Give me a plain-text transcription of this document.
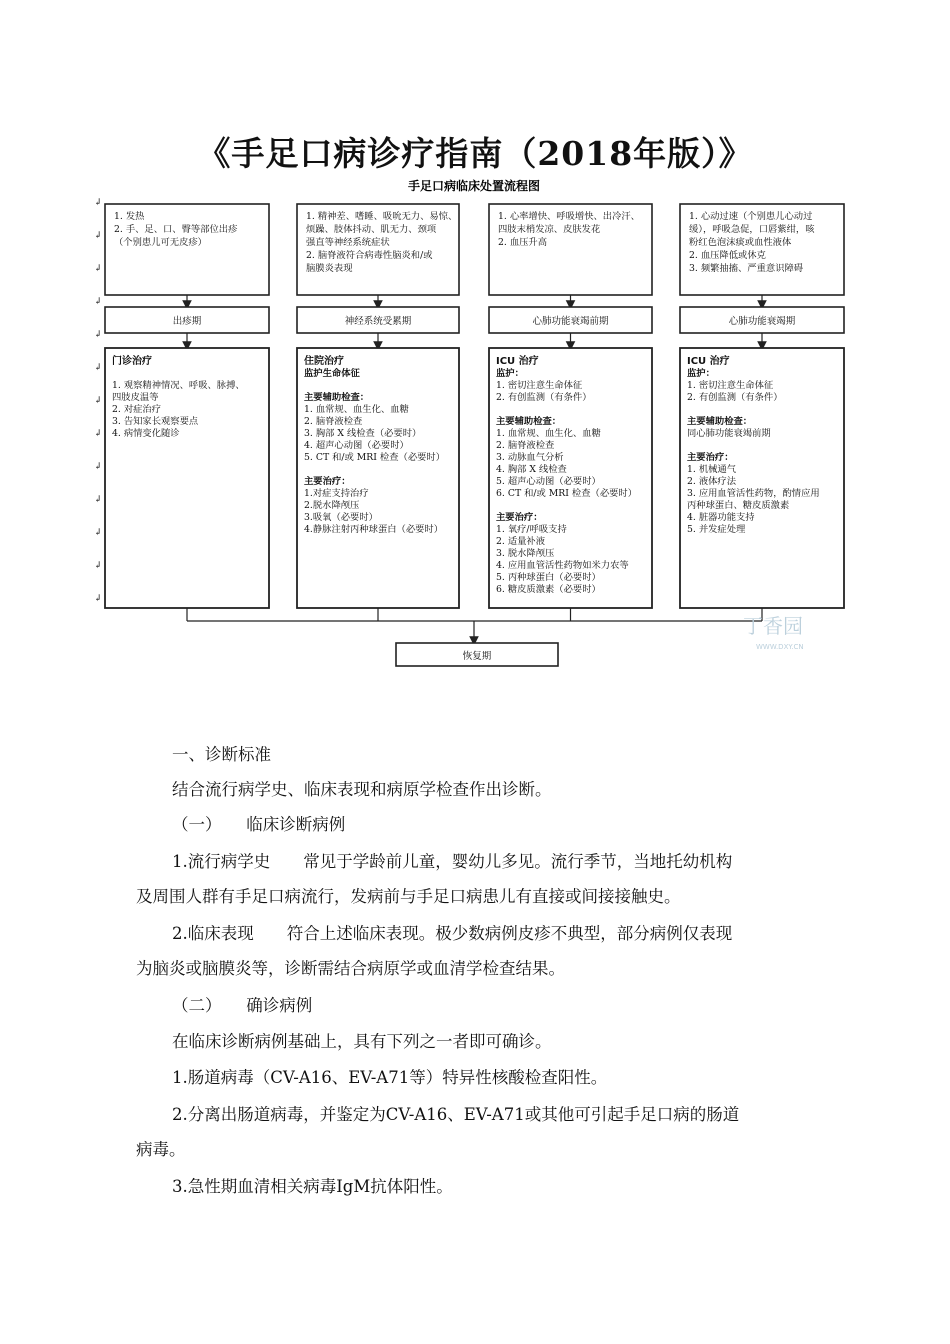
《手足口病诊疗指南（2018年版）》
手足口病临床处置流程图
1. 发热
2. 手、足、口、臀等部位出疹
（个别患儿可无皮疹）
出疹期
门诊治疗
1. 观察精神情况、呼吸、脉搏、
四肢皮温等
2. 对症治疗
3. 告知家长观察要点
4. 病情变化随诊
1. 精神差、嗜睡、吸吮无力、易惊、
烦躁、肢体抖动、肌无力、颈项
强直等神经系统症状
2. 脑脊液符合病毒性脑炎和/或
脑膜炎表现
神经系统受累期
住院治疗
监护生命体征
主要辅助检查：
1. 血常规、血生化、血糖
2. 脑脊液检查
3. 胸部 X 线检查（必要时）
4. 超声心动图（必要时）
5. CT 和/或 MRI 检查（必要时）
主要治疗：
1.对症支持治疗
2.脱水降颅压
3.吸氧（必要时）
4.静脉注射丙种球蛋白（必要时）
1. 心率增快、呼吸增快、出冷汗、
四肢末梢发凉、皮肤发花
2. 血压升高
心肺功能衰竭前期
ICU 治疗
监护：
1. 密切注意生命体征
2. 有创监测（有条件）
主要辅助检查：
1. 血常规、血生化、血糖
2. 脑脊液检查
3. 动脉血气分析
4. 胸部 X 线检查
5. 超声心动图（必要时）
6. CT 和/或 MRI 检查（必要时）
主要治疗：
1. 氧疗/呼吸支持
2. 适量补液
3. 脱水降颅压
4. 应用血管活性药物如米力农等
5. 丙种球蛋白（必要时）
6. 糖皮质激素（必要时）
1. 心动过速（个别患儿心动过
缓），呼吸急促，口唇紫绀，咳
粉红色泡沫痰或血性液体
2. 血压降低或休克
3. 频繁抽搐、严重意识障碍
心肺功能衰竭期
ICU 治疗
监护：
1. 密切注意生命体征
2. 有创监测（有条件）
主要辅助检查：
同心肺功能衰竭前期
主要治疗：
1. 机械通气
2. 液体疗法
3. 应用血管活性药物，酌情应用
丙种球蛋白、糖皮质激素
4. 脏器功能支持
5. 并发症处理
恢复期
↲
↲
↲
↲
↲
↲
↲
↲
↲
↲
↲
↲
↲
丁香园
WWW.DXY.CN
一、诊断标准
结合流行病学史、临床表现和病原学检查作出诊断。
（一）　　临床诊断病例
1.流行病学史　　常见于学龄前儿童，婴幼儿多见。流行季节，当地托幼机构
及周围人群有手足口病流行，发病前与手足口病患儿有直接或间接接触史。
2.临床表现　　符合上述临床表现。极少数病例皮疹不典型，部分病例仅表现
为脑炎或脑膜炎等，诊断需结合病原学或血清学检查结果。
（二）　　确诊病例
在临床诊断病例基础上，具有下列之一者即可确诊。
1.肠道病毒（CV-A16、EV-A71等）特异性核酸检查阳性。
2.分离出肠道病毒，并鉴定为CV-A16、EV-A71或其他可引起手足口病的肠道
病毒。
3.急性期血清相关病毒IgM抗体阳性。
